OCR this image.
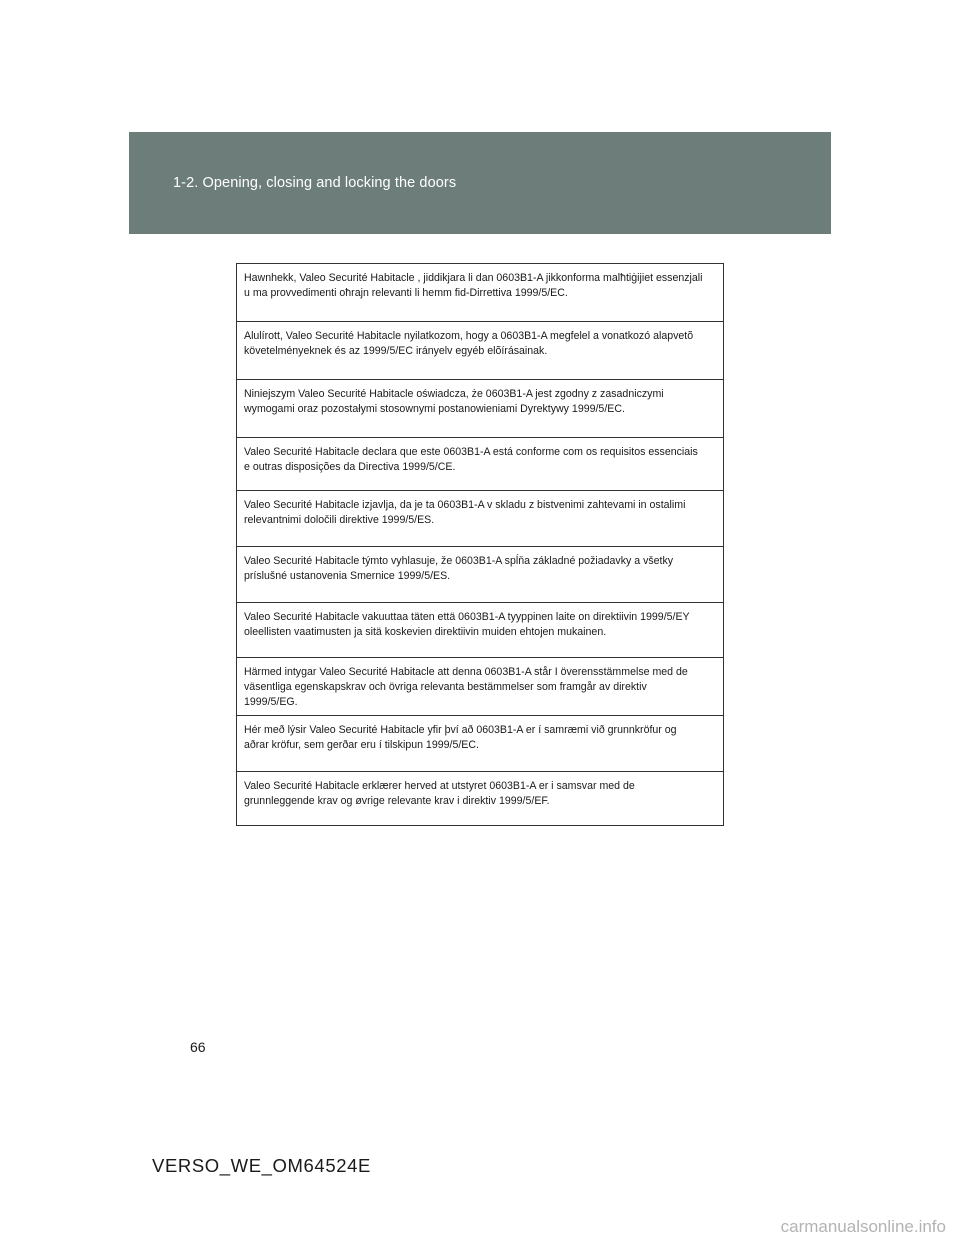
1-2. Opening, closing and locking the doors

Hawnhekk, Valeo Securité Habitacle , jiddikjara li dan 0603B1-A jikkonforma malħtiġijiet essenzjali

u ma provvedimenti oħrajn relevanti li hemm fid-Dirrettiva 1999/5/EC.

Alulírott, Valeo Securité Habitacle nyilatkozom, hogy a 0603B1-A megfelel a vonatkozó alapvetõ

követelményeknek és az 1999/5/EC irányelv egyéb elõírásainak.

Niniejszym Valeo Securité Habitacle oświadcza, że 0603B1-A jest zgodny z zasadniczymi

wymogami oraz pozostałymi stosownymi postanowieniami Dyrektywy 1999/5/EC.

Valeo Securité Habitacle declara que este 0603B1-A está conforme com os requisitos essenciais

e outras disposições da Directiva 1999/5/CE.

Valeo Securité Habitacle izjavlja, da je ta 0603B1-A v skladu z bistvenimi zahtevami in ostalimi

relevantnimi določili direktive 1999/5/ES.

Valeo Securité Habitacle týmto vyhlasuje, že 0603B1-A spĺňa základné požiadavky a všetky

príslušné ustanovenia Smernice 1999/5/ES.

Valeo Securité Habitacle vakuuttaa täten että 0603B1-A tyyppinen laite on direktiivin 1999/5/EY

oleellisten vaatimusten ja sitä koskevien direktiivin muiden ehtojen mukainen.

Härmed intygar Valeo Securité Habitacle att denna 0603B1-A står I överensstämmelse med de

väsentliga egenskapskrav och övriga relevanta bestämmelser som framgår av direktiv

1999/5/EG.

Hér með lýsir Valeo Securité Habitacle yfir því að 0603B1-A er í samræmi við grunnkröfur og

aðrar kröfur, sem gerðar eru í tilskipun 1999/5/EC.

Valeo Securité Habitacle erklærer herved at utstyret 0603B1-A er i samsvar med de

grunnleggende krav og øvrige relevante krav i direktiv 1999/5/EF.

66
VERSO_WE_OM64524E
carmanualsonline.info
